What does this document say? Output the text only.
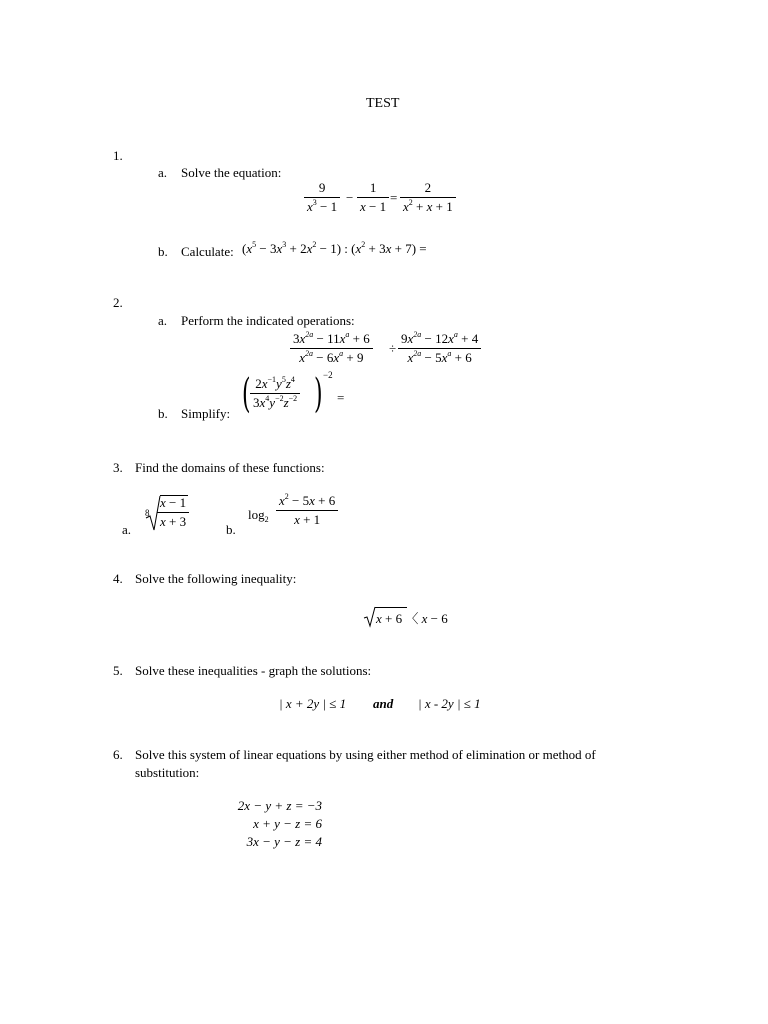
TEST
1.
a. Solve the equation:
$\frac{9}{x^3 - 1} - \frac{1}{x - 1} = \frac{2}{x^2 + x + 1}$
b. Calculate: $(x^5 - 3x^3 + 2x^2 - 1)$ : $(x^2 + 3x + 7)$ =
2.
a. Perform the indicated operations:
$\frac{3x^{2a} - 11x^a + 6}{x^{2a} - 6x^a + 9} \div \frac{9x^{2a} - 12x^a + 4}{x^{2a} - 5x^a + 6}$
b. Simplify: ( $\frac{2x^{-1}y^5z^4}{3x^4y^{-2}z^{-2}}$ ) −2
=
3. Find the domains of these functions:
a.
$8 \frac{x - 1}{x + 3}$	b.
$\log_2 \frac{x^2 - 5x + 6}{x + 1}$
4. Solve the following inequality:
x + 6 〈 x − 6
5. Solve these inequalities - graph the solutions:
| x + 2y | ≤ 1 and | x - 2y | ≤ 1
6. Solve this system of linear equations by using either method of elimination or method of
substitution:
2x − y + z = −3
x + y − z = 6
3x − y − z = 4
